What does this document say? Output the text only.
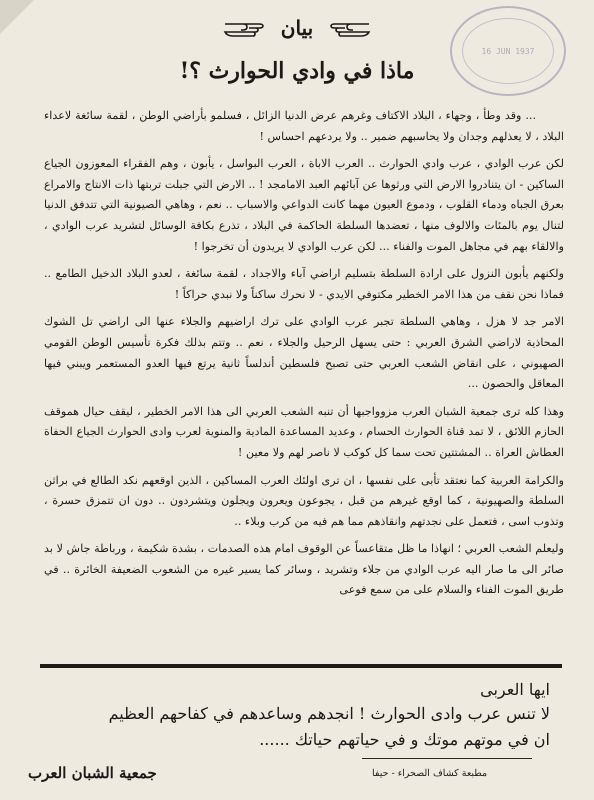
16 JUN 1937
بيان
ماذا في وادي الحوارث ؟!

... وقد وطأ ، وجهاء ، البلاد الاكتاف وغرهم عرض الدنيا الزائل ، فسلمو بأراضي الوطن ، لقمة سائغة لاعداء البلاد ، لا يعذلهم وجدان ولا يحاسبهم ضمير .. ولا يردعهم احساس !

لكن عرب الوادي ، عرب وادي الحوارث .. العرب الاباة ، العرب البواسل ، يأبون ، وهم الفقراء المعوزون الجياع الساكين - ان يتنادروا الارض التي ورثوها عن آبائهم العبد الامامجد ! .. الارض التي جبلت تربتها ذات الانتاج والامراع بعرق الجباه ودماء القلوب ، ودموع العيون مهما كانت الدواعي والاسباب .. نعم ، وهاهي الصيونية التي تتدفق الدنيا لتنال يوم بالمئات والالوف منها ، تعضدها السلطة الحاكمة في البلاد ، تذرع بكافة الوسائل لتشريد عرب الوادي ، والالقاء بهم في مجاهل الموت والفناء ... لكن عرب الوادي لا يريدون أن تخرجوا !

ولكنهم يأبون النزول على ارادة السلطة بتسليم اراضي آباء والاجداد ، لقمة سائغة ، لعدو البلاد الدخيل الطامع .. فماذا نحن نقف من هذا الامر الخطير مكتوفي الايدي - لا نحرك ساكناً ولا نبدي حراكاً !

الامر جد لا هزل ، وهاهي السلطة تجبر عرب الوادي على ترك اراضيهم والجلاء عنها الى اراضي تل الشوك المحاذية لاراضي الشرق العربي : حتى يسهل الرحيل والجلاء ، نعم .. وتتم بذلك فكرة تأسيس الوطن القومي الصهيوني ، على انقاض الشعب العربي حتى تصبح فلسطين أندلساً ثانية يرتع فيها العدو المستعمر ويبني فيها المعاقل والحصون ...

وهذا كله ترى جمعية الشبان العرب مزوواجبها أن تنبه الشعب العربي الى هذا الامر الخطير ، ليقف حيال هموقف الحازم اللائق ، لا تمد قناة الحوارث الحسام ، وعديد المساعدة المادية والمنوية لعرب وادى الحوارث الجياع الحفاة العطاش العراة .. المشتتين تحت سما كل كوكب لا ناصر لهم ولا معين !

والكرامة العربية كما نعتقد تأبى على نفسها ، ان ترى اولئك العرب المساكين ، الذين اوقعهم نكد الطالع في براثن السلطة والصهيونية ، كما اوقع غيرهم من قبل ، يجوعون ويعرون ويجلون ويتشردون .. دون ان تتمزق حسرة ، وتذوب اسى ، فتعمل على نجدتهم وانقاذهم مما هم فيه من كرب وبلاء ..

وليعلم الشعب العربي ؛ انهاذا ما ظل متقاعساً عن الوقوف امام هذه الصدمات ، بشدة شكيمة ، ورباطة جاش لا بد صائر الى ما صار اليه عرب الوادي من جلاء وتشريد ، وسائر كما يسير غيره من الشعوب الضعيفة الخائرة .. في طريق الموت الفناء والسلام على من سمع فوعى

ايها العربى
لا تنس عرب وادى الحوارث ! انجدهم وساعدهم في كفاحهم العظيم
ان في موتهم موتك و في حياتهم حياتك ......
مطبعة كشاف الصحراء - حيفا
جمعية الشبان العرب
